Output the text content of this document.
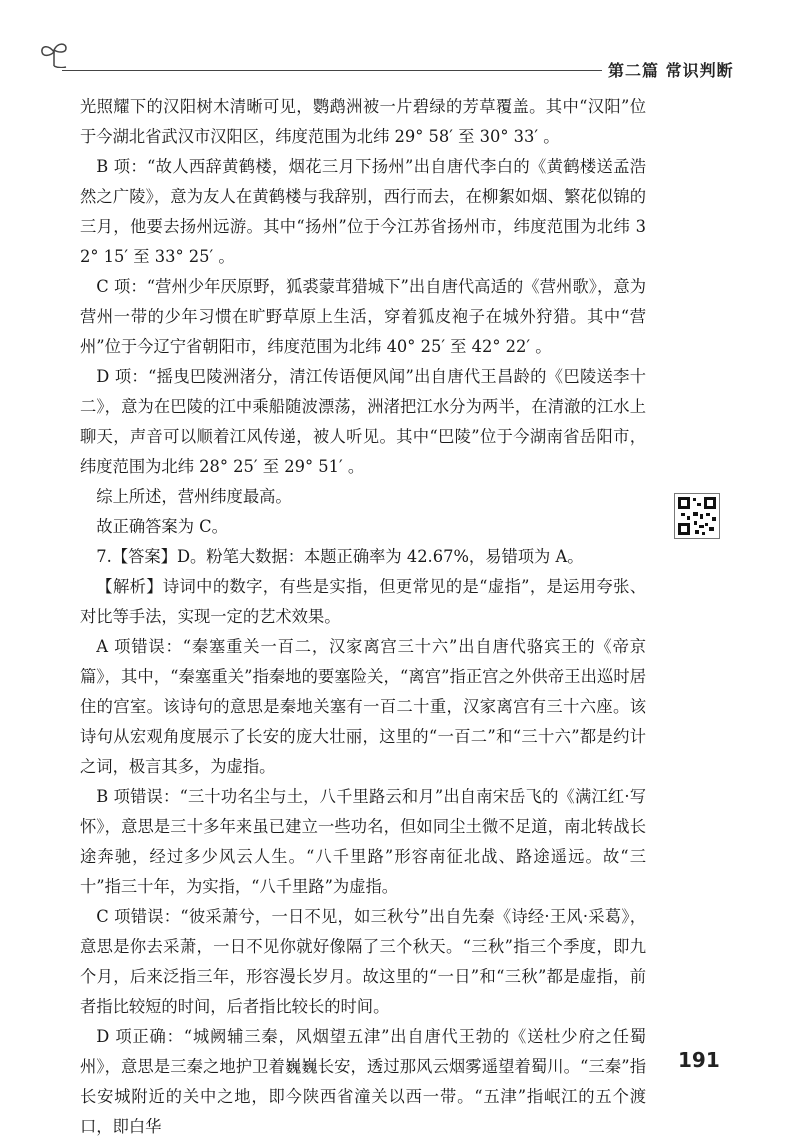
第二篇 常识判断

光照耀下的汉阳树木清晰可见，鹦鹉洲被一片碧绿的芳草覆盖。其中“汉阳”位于今湖北省武汉市汉阳区，纬度范围为北纬 29° 58′ 至 30° 33′ 。

B 项：“故人西辞黄鹤楼，烟花三月下扬州”出自唐代李白的《黄鹤楼送孟浩然之广陵》，意为友人在黄鹤楼与我辞别，西行而去，在柳絮如烟、繁花似锦的三月，他要去扬州远游。其中“扬州”位于今江苏省扬州市，纬度范围为北纬 32° 15′ 至 33° 25′ 。

C 项：“营州少年厌原野，狐裘蒙茸猎城下”出自唐代高适的《营州歌》，意为营州一带的少年习惯在旷野草原上生活，穿着狐皮袍子在城外狩猎。其中“营州”位于今辽宁省朝阳市，纬度范围为北纬 40° 25′ 至 42° 22′ 。

D 项：“摇曳巴陵洲渚分，清江传语便风闻”出自唐代王昌龄的《巴陵送李十二》，意为在巴陵的江中乘船随波漂荡，洲渚把江水分为两半，在清澈的江水上聊天，声音可以顺着江风传递，被人听见。其中“巴陵”位于今湖南省岳阳市，纬度范围为北纬 28° 25′ 至 29° 51′ 。

综上所述，营州纬度最高。

故正确答案为 C。

7.【答案】D。粉笔大数据：本题正确率为 42.67%，易错项为 A。

【解析】诗词中的数字，有些是实指，但更常见的是“虚指”，是运用夸张、对比等手法，实现一定的艺术效果。

A 项错误：“秦塞重关一百二，汉家离宫三十六”出自唐代骆宾王的《帝京篇》，其中，“秦塞重关”指秦地的要塞险关，“离宫”指正宫之外供帝王出巡时居住的宫室。该诗句的意思是秦地关塞有一百二十重，汉家离宫有三十六座。该诗句从宏观角度展示了长安的庞大壮丽，这里的“一百二”和“三十六”都是约计之词，极言其多，为虚指。

B 项错误：“三十功名尘与土，八千里路云和月”出自南宋岳飞的《满江红·写怀》，意思是三十多年来虽已建立一些功名，但如同尘土微不足道，南北转战长途奔驰，经过多少风云人生。“八千里路”形容南征北战、路途遥远。故“三十”指三十年，为实指，“八千里路”为虚指。

C 项错误：“彼采萧兮，一日不见，如三秋兮”出自先秦《诗经·王风·采葛》，意思是你去采萧，一日不见你就好像隔了三个秋天。“三秋”指三个季度，即九个月，后来泛指三年，形容漫长岁月。故这里的“一日”和“三秋”都是虚指，前者指比较短的时间，后者指比较长的时间。

D 项正确：“城阙辅三秦，风烟望五津”出自唐代王勃的《送杜少府之任蜀州》，意思是三秦之地护卫着巍巍长安，透过那风云烟雾遥望着蜀川。“三秦”指长安城附近的关中之地，即今陕西省潼关以西一带。“五津”指岷江的五个渡口，即白华

191
